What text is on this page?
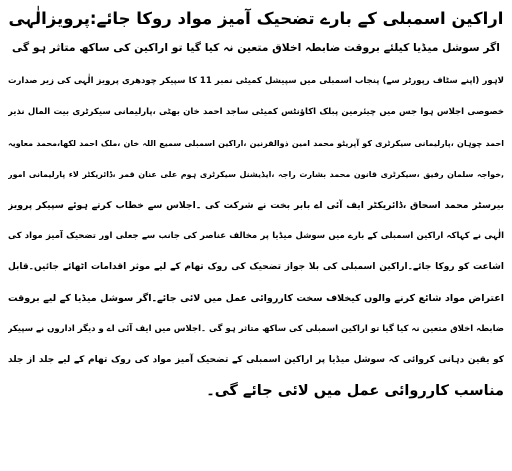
اراکین اسمبلی کے بارے تضحیک آمیز مواد روکا جائے:پرویزالٰہی
اگر سوشل میڈیا کیلئے بروقت ضابطہ اخلاق متعین نہ کیا گیا تو اراکین کی ساکھ متاثر ہو گی
لاہور (اپنے سٹاف رپورٹر سے) پنجاب اسمبلی میں سپیشل کمیٹی نمبر 11 کا سپیکر چودھری پرویز الٰہی کی زیر صدارت
خصوصی اجلاس ہوا جس میں چیئرمین پبلک اکاؤنٹس کمیٹی ساجد احمد خان بھٹی ،پارلیمانی سیکرٹری بیت المال نذیر
احمد چوہان ،پارلیمانی سیکرٹری کو آپریٹو محمد امین ذوالقرنین ،اراکین اسمبلی سمیع اللہ خان ،ملک احمد لکھا،محمد معاویہ
,خواجہ سلمان رفیق ،سیکرٹری قانون محمد بشارت راجہ ،ایڈیشنل سیکرٹری ہوم علی عنان قمر ،ڈائریکٹر لاء پارلیمانی امور
بیرسٹر محمد اسحاق ،ڈائریکٹر ایف آئی اے بابر بخت نے شرکت کی ۔اجلاس سے خطاب کرتے ہوئے سپیکر پرویز
الٰہی نے کہاکہ اراکین اسمبلی کے بارے میں سوشل میڈیا پر مخالف عناصر کی جانب سے جعلی اور تضحیک آمیز مواد کی
اشاعت کو روکا جائے۔اراکین اسمبلی کی بلا جواز تضحیک کی روک تھام کے لیے موثر اقدامات اٹھائے جائیں۔قابل
اعتراض مواد شائع کرنے والوں کیخلاف سخت کارروائی عمل میں لائی جائے۔اگر سوشل میڈیا کے لیے بروقت
ضابطہ اخلاق متعین نہ کیا گیا تو اراکین اسمبلی کی ساکھ متاثر ہو گی ۔اجلاس میں ایف آئی اے و دیگر اداروں نے سپیکر
کو یقین دہانی کروائی کہ سوشل میڈیا پر اراکین اسمبلی کے تضحیک آمیز مواد کی روک تھام کے لیے جلد از جلد
مناسب کارروائی عمل میں لائی جائے گی۔
